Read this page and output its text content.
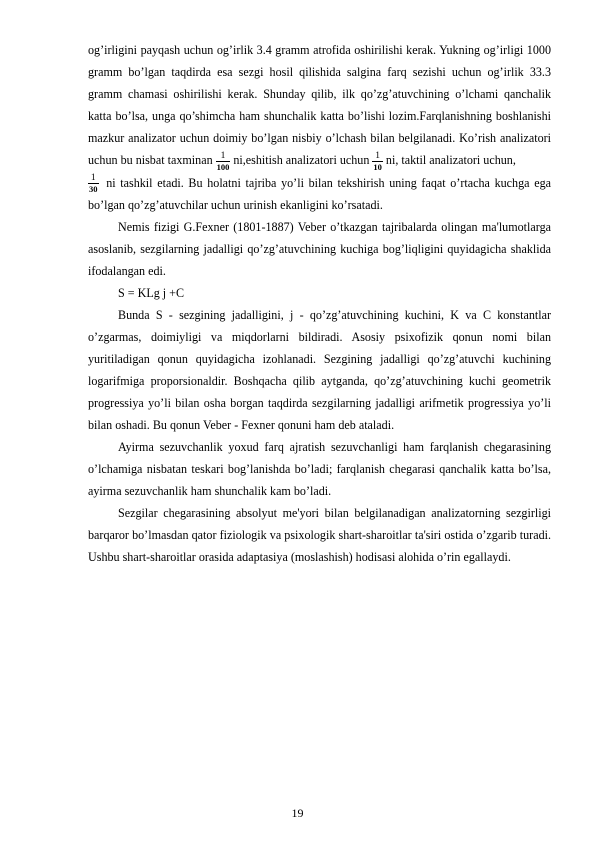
og’irligini payqash uchun og’irlik 3.4 gramm atrofida oshirilishi kerak. Yukning og’irligi 1000 gramm bo’lgan taqdirda esa sezgi hosil qilishida salgina farq sezishi uchun og’irlik 33.3 gramm chamasi oshirilishi kerak. Shunday qilib, ilk qo’zg’atuvchining o’lchami qanchalik katta bo’lsa, unga qo’shimcha ham shunchalik katta bo’lishi lozim.Farqlanishning boshlanishi mazkur analizator uchun doimiy bo’lgan nisbiy o’lchash bilan belgilanadi. Ko’rish analizatori uchun bu nisbat taxminan $\frac{1}{100}$ ni,eshitish analizatori uchun $\frac{1}{10}$ ni, taktil analizatori uchun,

$\frac{1}{30}$ ni tashkil etadi. Bu holatni tajriba yo’li bilan tekshirish uning faqat o’rtacha kuchga ega bo’lgan qo’zg’atuvchilar uchun urinish ekanligini ko’rsatadi.

Nemis fizigi G.Fexner (1801-1887) Veber o’tkazgan tajribalarda olingan ma'lumotlarga asoslanib, sezgilarning jadalligi qo’zg’atuvchining kuchiga bog’liqligini quyidagicha shaklida ifodalangan edi.

S = KLg j +C

Bunda S - sezgining jadalligini, j - qo’zg’atuvchining kuchini, K va C konstantlar o’zgarmas, doimiyligi va miqdorlarni bildiradi. Asosiy psixofizik qonun nomi bilan yuritiladigan qonun quyidagicha izohlanadi. Sezgining jadalligi qo’zg’atuvchi kuchining logarifmiga proporsionaldir. Boshqacha qilib aytganda, qo’zg’atuvchining kuchi geometrik progressiya yo’li bilan osha borgan taqdirda sezgilarning jadalligi arifmetik progressiya yo’li bilan oshadi. Bu qonun Veber - Fexner qonuni ham deb ataladi.

Ayirma sezuvchanlik yoxud farq ajratish sezuvchanligi ham farqlanish chegarasining o’lchamiga nisbatan teskari bog’lanishda bo’ladi; farqlanish chegarasi qanchalik katta bo’lsa, ayirma sezuvchanlik ham shunchalik kam bo’ladi.

Sezgilar chegarasining absolyut me'yori bilan belgilanadigan analizatorning sezgirligi barqaror bo’lmasdan qator fiziologik va psixologik shart-sharoitlar ta'siri ostida o’zgarib turadi. Ushbu shart-sharoitlar orasida adaptasiya (moslashish) hodisasi alohida o’rin egallaydi.

19
